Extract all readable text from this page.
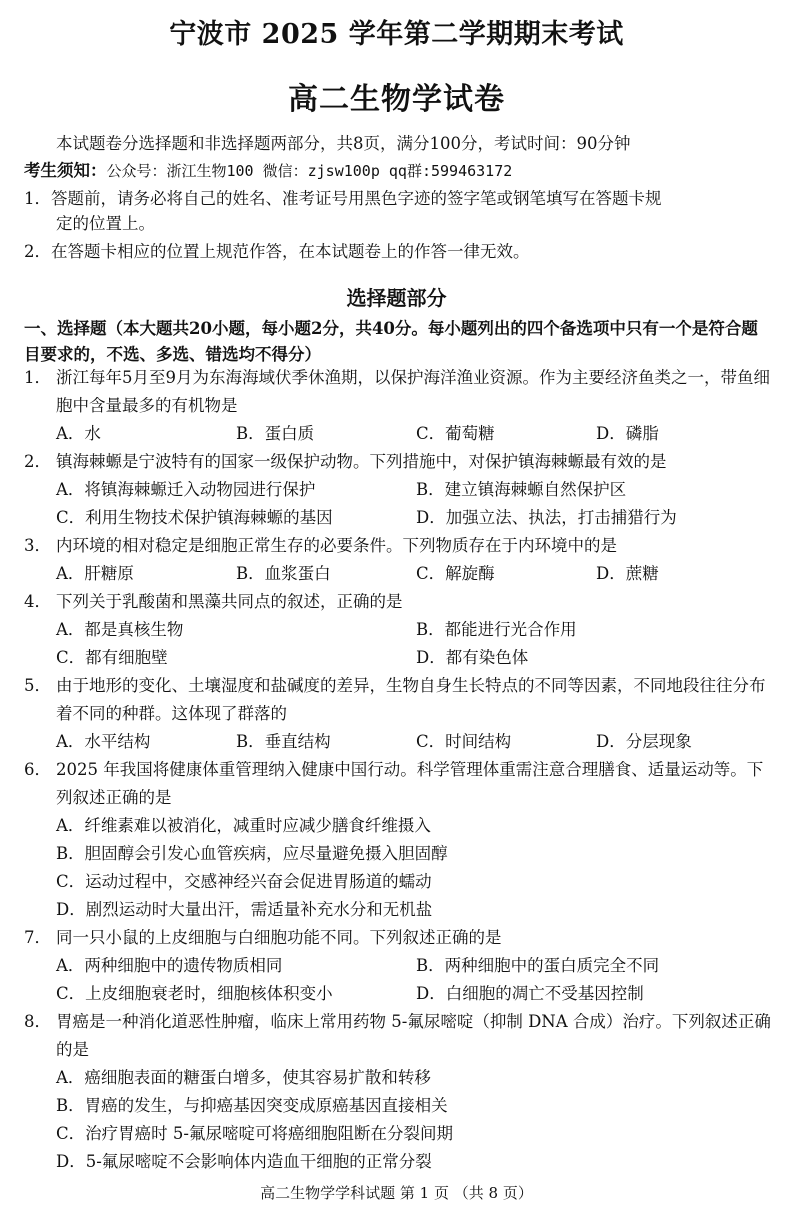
宁波市 2025 学年第二学期期末考试
高二生物学试卷
本试题卷分选择题和非选择题两部分，共8页，满分100分，考试时间：90分钟
考生须知：公众号：浙江生物100 微信：zjsw100p qq群:599463172
1．答题前，请务必将自己的姓名、准考证号用黑色字迹的签字笔或钢笔填写在答题卡规
定的位置上。
2．在答题卡相应的位置上规范作答，在本试题卷上的作答一律无效。
选择题部分
一、选择题（本大题共20小题，每小题2分，共40分。每小题列出的四个备选项中只有一个是符合题目要求的，不选、多选、错选均不得分）
1． 浙江每年5月至9月为东海海域伏季休渔期，以保护海洋渔业资源。作为主要经济鱼类之一，带鱼细胞中含量最多的有机物是
A．水	B．蛋白质	C．葡萄糖	D．磷脂
2． 镇海棘螈是宁波特有的国家一级保护动物。下列措施中，对保护镇海棘螈最有效的是
A．将镇海棘螈迁入动物园进行保护	B．建立镇海棘螈自然保护区
C．利用生物技术保护镇海棘螈的基因	D．加强立法、执法，打击捕猎行为
3． 内环境的相对稳定是细胞正常生存的必要条件。下列物质存在于内环境中的是
A．肝糖原	B．血浆蛋白	C．解旋酶	D．蔗糖
4． 下列关于乳酸菌和黑藻共同点的叙述，正确的是
A．都是真核生物	B．都能进行光合作用
C．都有细胞壁	D．都有染色体
5． 由于地形的变化、土壤湿度和盐碱度的差异，生物自身生长特点的不同等因素，不同地段往往分布着不同的种群。这体现了群落的
A．水平结构	B．垂直结构	C．时间结构	D．分层现象
6． 2025 年我国将健康体重管理纳入健康中国行动。科学管理体重需注意合理膳食、适量运动等。下列叙述正确的是
A．纤维素难以被消化，减重时应减少膳食纤维摄入
B．胆固醇会引发心血管疾病，应尽量避免摄入胆固醇
C．运动过程中，交感神经兴奋会促进胃肠道的蠕动
D．剧烈运动时大量出汗，需适量补充水分和无机盐
7． 同一只小鼠的上皮细胞与白细胞功能不同。下列叙述正确的是
A．两种细胞中的遗传物质相同	B．两种细胞中的蛋白质完全不同
C．上皮细胞衰老时，细胞核体积变小	D．白细胞的凋亡不受基因控制
8． 胃癌是一种消化道恶性肿瘤，临床上常用药物 5-氟尿嘧啶（抑制 DNA 合成）治疗。下列叙述正确的是
A．癌细胞表面的糖蛋白增多，使其容易扩散和转移
B．胃癌的发生，与抑癌基因突变成原癌基因直接相关
C．治疗胃癌时 5-氟尿嘧啶可将癌细胞阻断在分裂间期
D．5-氟尿嘧啶不会影响体内造血干细胞的正常分裂
高二生物学学科试题 第 1 页 （共 8 页）
